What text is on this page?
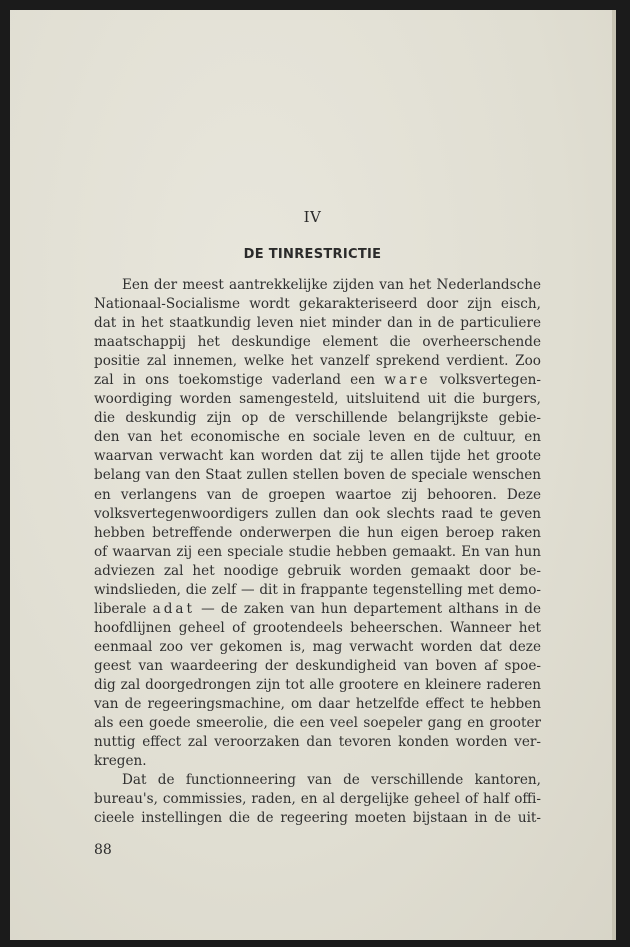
IV
DE TINRESTRICTIE
Een der meest aantrekkelijke zijden van het Nederlandsche
Nationaal-Socialisme wordt gekarakteriseerd door zijn eisch,
dat in het staatkundig leven niet minder dan in de particuliere
maatschappij het deskundige element die overheerschende
positie zal innemen, welke het vanzelf sprekend verdient. Zoo
zal in ons toekomstige vaderland een ware volksvertegen-
woordiging worden samengesteld, uitsluitend uit die burgers,
die deskundig zijn op de verschillende belangrijkste gebie-
den van het economische en sociale leven en de cultuur, en
waarvan verwacht kan worden dat zij te allen tijde het groote
belang van den Staat zullen stellen boven de speciale wenschen
en verlangens van de groepen waartoe zij behooren. Deze
volksvertegenwoordigers zullen dan ook slechts raad te geven
hebben betreffende onderwerpen die hun eigen beroep raken
of waarvan zij een speciale studie hebben gemaakt. En van hun
adviezen zal het noodige gebruik worden gemaakt door be-
windslieden, die zelf — dit in frappante tegenstelling met demo-
liberale adat — de zaken van hun departement althans in de
hoofdlijnen geheel of grootendeels beheerschen. Wanneer het
eenmaal zoo ver gekomen is, mag verwacht worden dat deze
geest van waardeering der deskundigheid van boven af spoe-
dig zal doorgedrongen zijn tot alle grootere en kleinere raderen
van de regeeringsmachine, om daar hetzelfde effect te hebben
als een goede smeerolie, die een veel soepeler gang en grooter
nuttig effect zal veroorzaken dan tevoren konden worden ver-
kregen.
Dat de functionneering van de verschillende kantoren,
bureau's, commissies, raden, en al dergelijke geheel of half offi-
cieele instellingen die de regeering moeten bijstaan in de uit-
88
